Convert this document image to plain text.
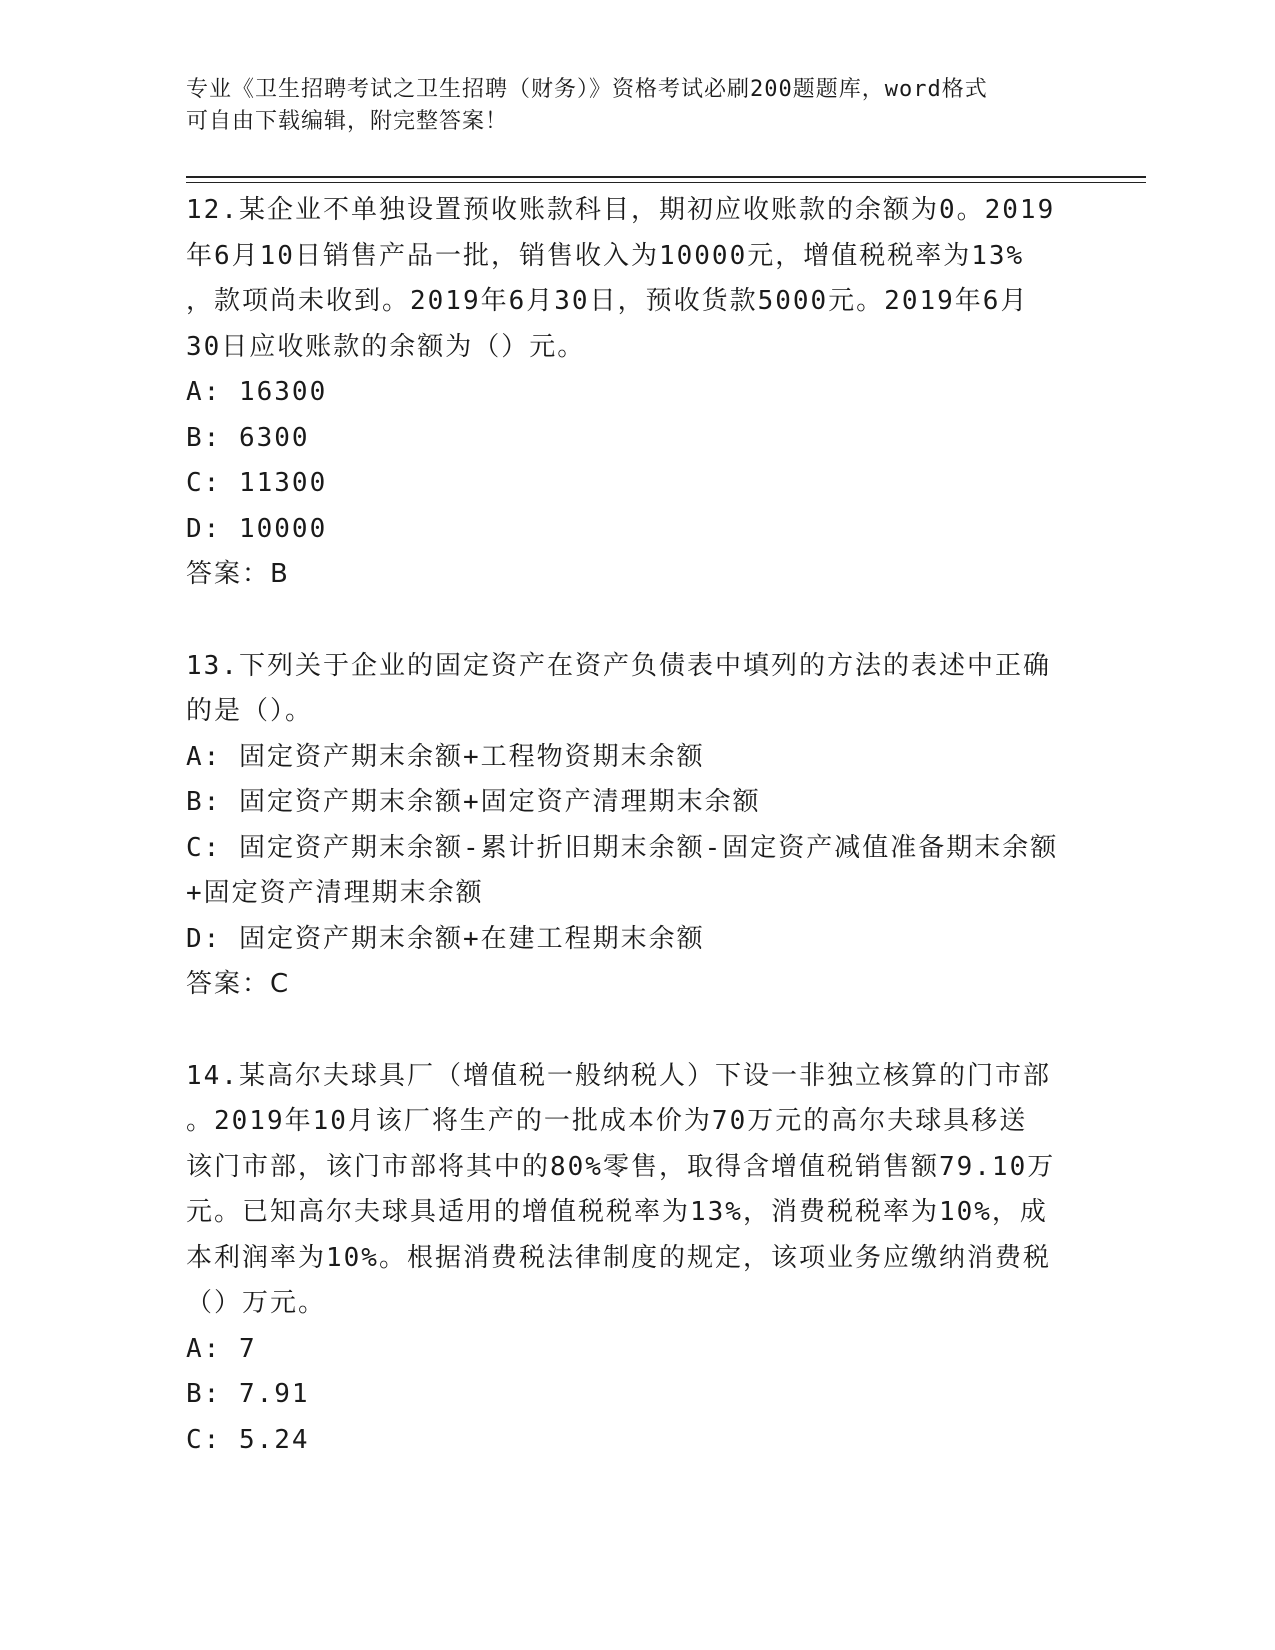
专业《卫生招聘考试之卫生招聘（财务）》资格考试必刷200题题库，word格式
可自由下载编辑，附完整答案！

12.某企业不单独设置预收账款科目，期初应收账款的余额为0。2019

年6月10日销售产品一批，销售收入为10000元，增值税税率为13%

，款项尚未收到。2019年6月30日，预收货款5000元。2019年6月

30日应收账款的余额为（）元。

A: 16300

B: 6300

C: 11300

D: 10000

答案：B

13.下列关于企业的固定资产在资产负债表中填列的方法的表述中正确

的是（）。

A: 固定资产期末余额+工程物资期末余额

B: 固定资产期末余额+固定资产清理期末余额

C: 固定资产期末余额-累计折旧期末余额-固定资产减值准备期末余额

+固定资产清理期末余额

D: 固定资产期末余额+在建工程期末余额

答案：C

14.某高尔夫球具厂（增值税一般纳税人）下设一非独立核算的门市部

。2019年10月该厂将生产的一批成本价为70万元的高尔夫球具移送

该门市部，该门市部将其中的80%零售，取得含增值税销售额79.10万

元。已知高尔夫球具适用的增值税税率为13%，消费税税率为10%，成

本利润率为10%。根据消费税法律制度的规定，该项业务应缴纳消费税

（）万元。

A: 7

B: 7.91

C: 5.24
